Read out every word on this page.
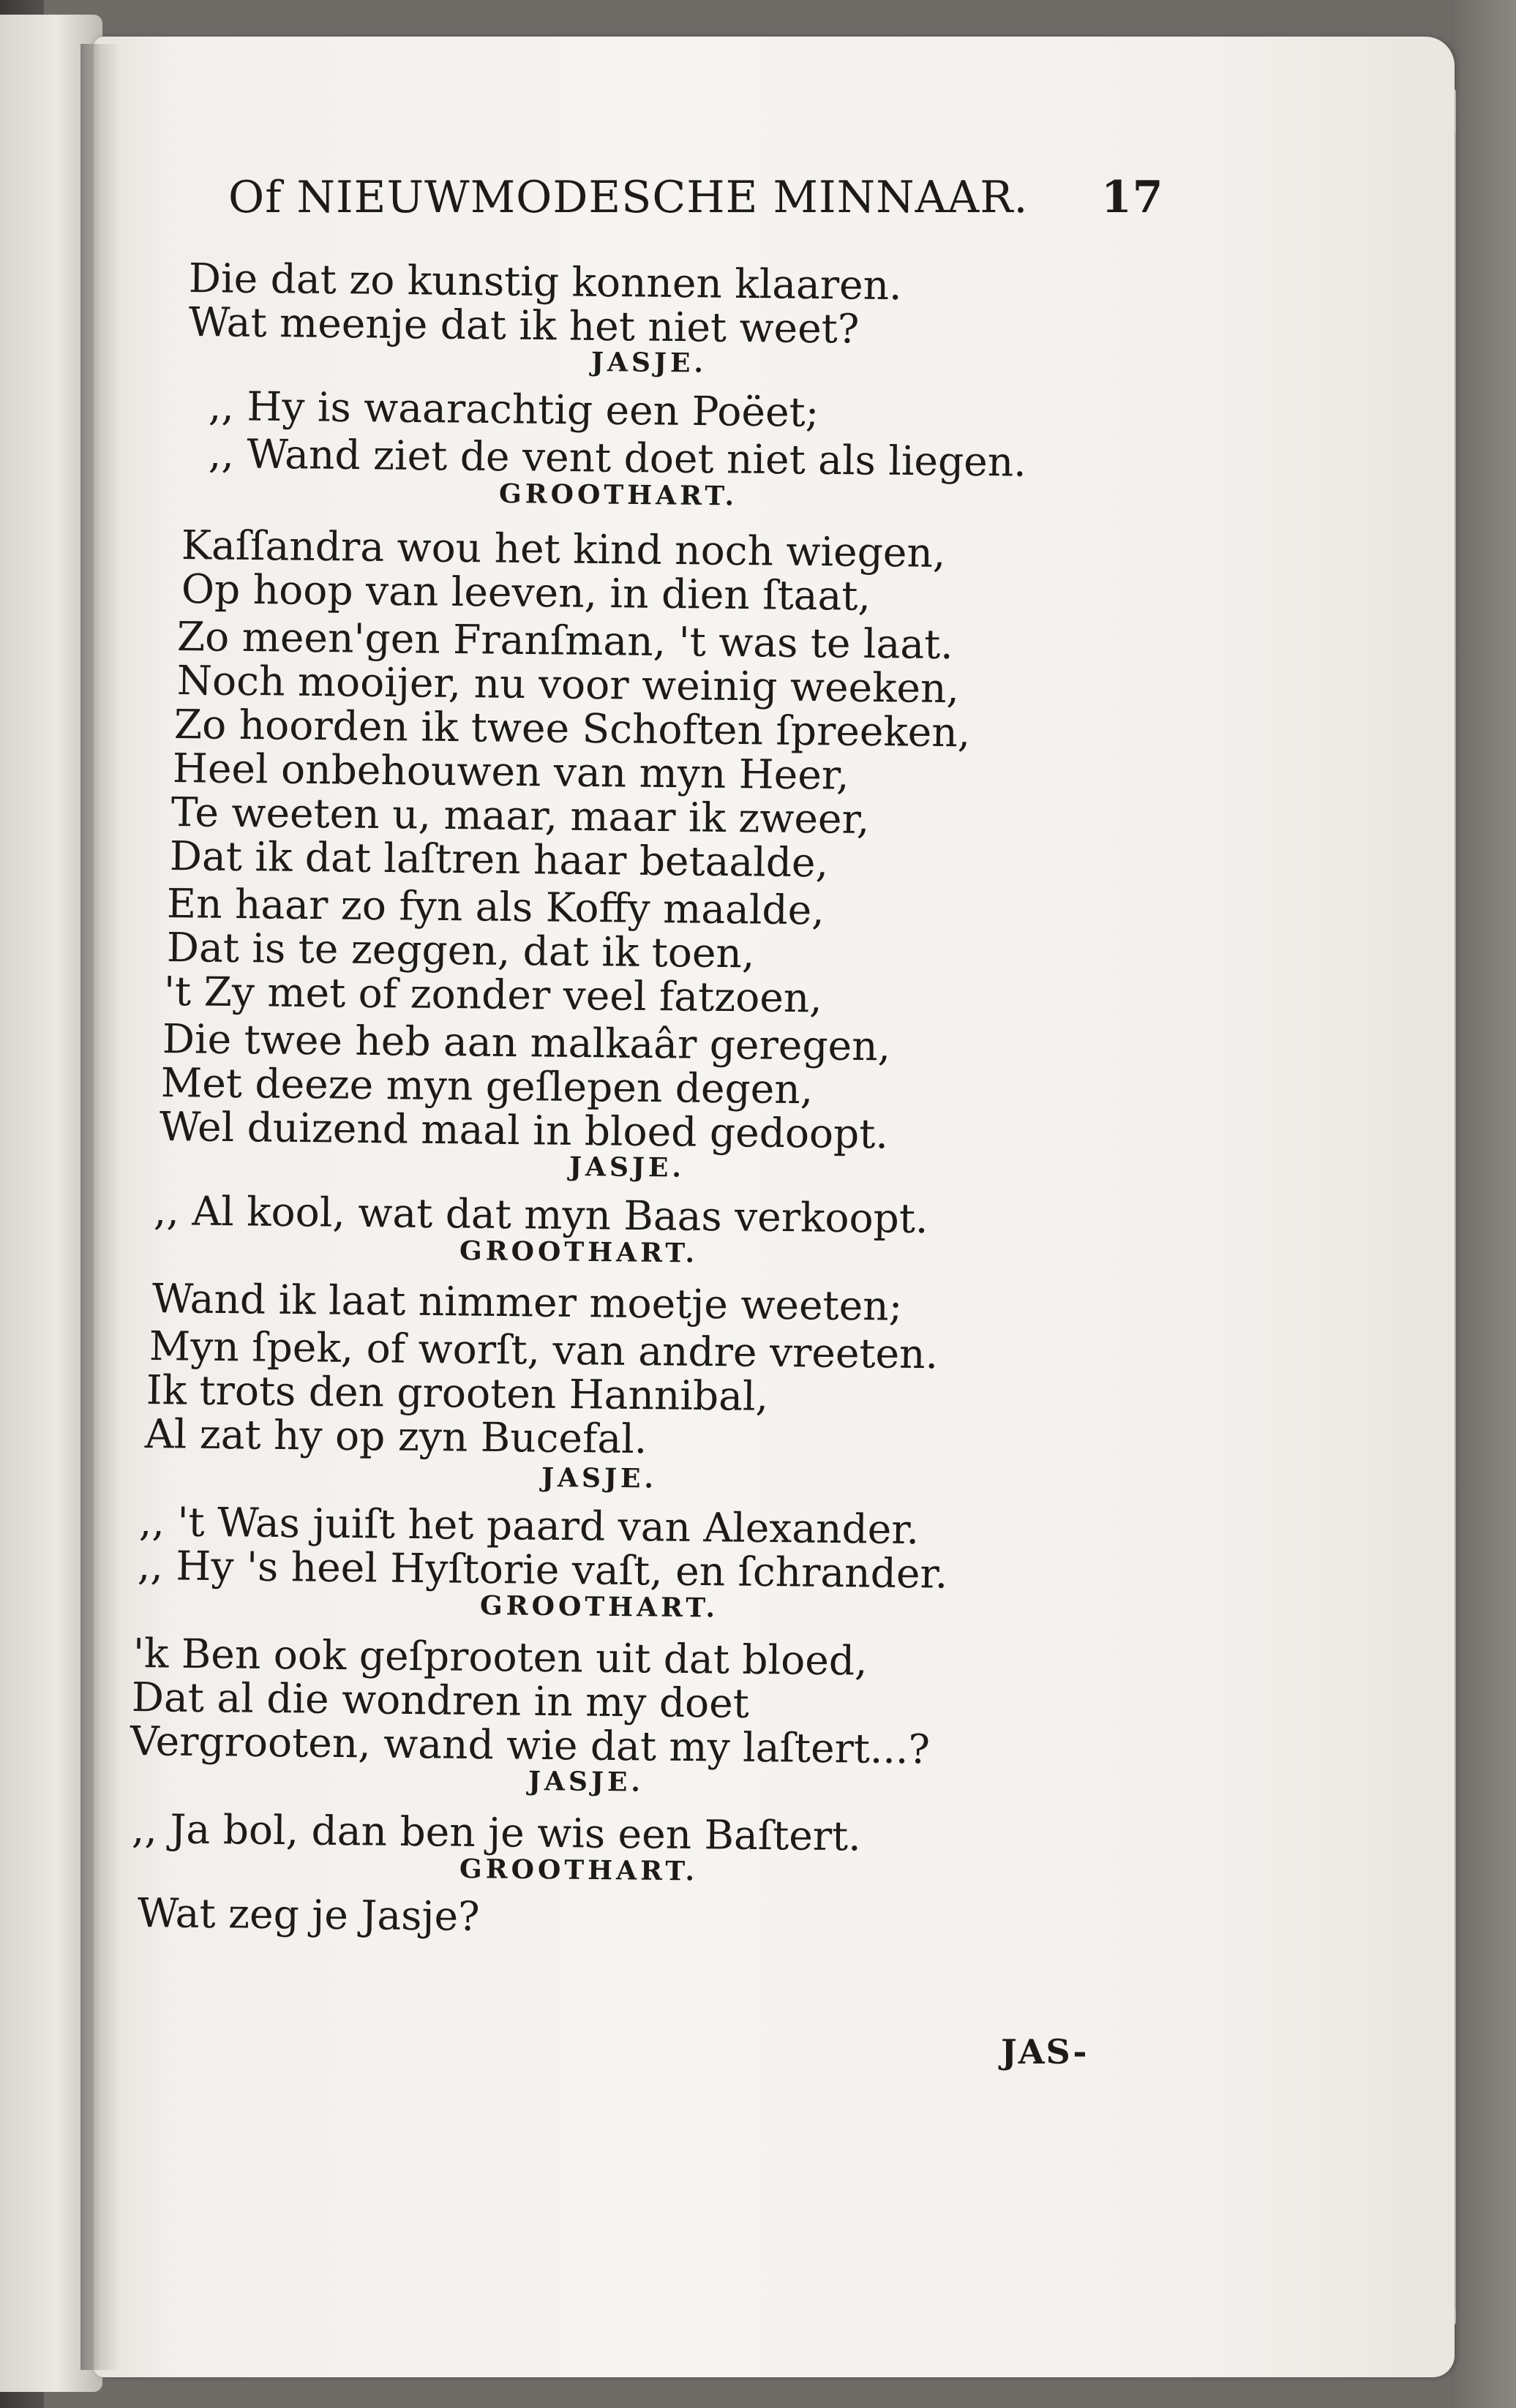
Of NIEUWMODESCHE MINNAAR. 17
Die dat zo kunstig konnen klaaren.
Wat meenje dat ik het niet weet?
JASJE.
,, Hy is waarachtig een Poëet;
,, Wand ziet de vent doet niet als liegen.
GROOTHART.
Kaſſandra wou het kind noch wiegen,
Op hoop van leeven, in dien ſtaat,
Zo meen'gen Franſman, 't was te laat.
Noch mooijer, nu voor weinig weeken,
Zo hoorden ik twee Schoften ſpreeken,
Heel onbehouwen van myn Heer,
Te weeten u, maar, maar ik zweer,
Dat ik dat laſtren haar betaalde,
En haar zo fyn als Koffy maalde,
Dat is te zeggen, dat ik toen,
't Zy met of zonder veel fatzoen,
Die twee heb aan malkaâr geregen,
Met deeze myn geſlepen degen,
Wel duizend maal in bloed gedoopt.
JASJE.
,, Al kool, wat dat myn Baas verkoopt.
GROOTHART.
Wand ik laat nimmer moetje weeten;
Myn ſpek, of worſt, van andre vreeten.
Ik trots den grooten Hannibal,
Al zat hy op zyn Bucefal.
JASJE.
,, 't Was juiſt het paard van Alexander.
,, Hy 's heel Hyſtorie vaſt, en ſchrander.
GROOTHART.
'k Ben ook geſprooten uit dat bloed,
Dat al die wondren in my doet
Vergrooten, wand wie dat my laſtert...?
JASJE.
,, Ja bol, dan ben je wis een Baſtert.
GROOTHART.
Wat zeg je Jasje?
JAS-
